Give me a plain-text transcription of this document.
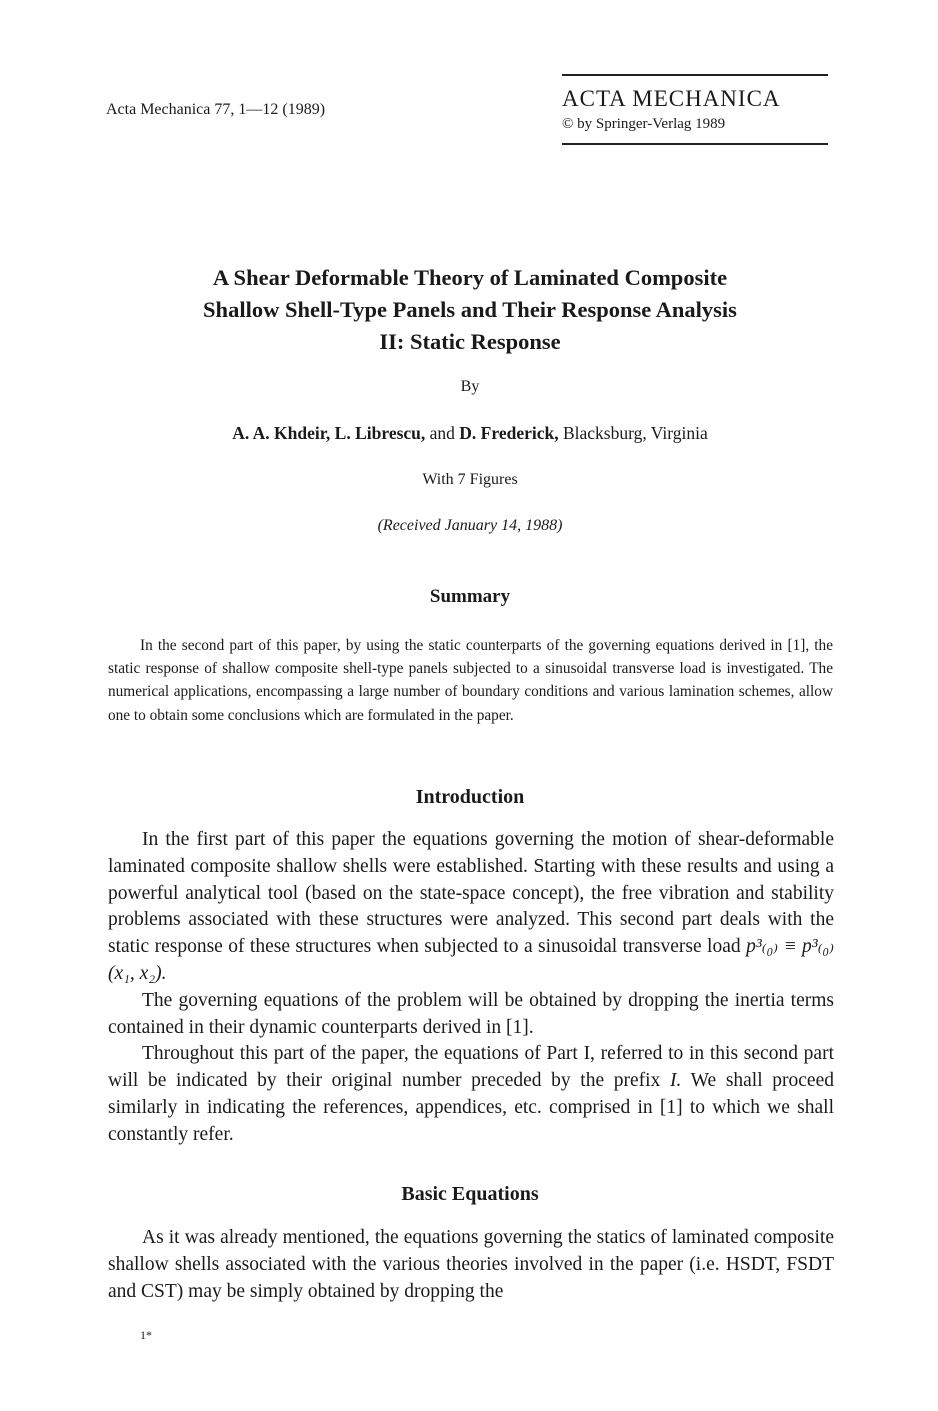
Acta Mechanica 77, 1—12 (1989)	ACTA MECHANICA
© by Springer-Verlag 1989
A Shear Deformable Theory of Laminated Composite
Shallow Shell-Type Panels and Their Response Analysis
II: Static Response
By
A. A. Khdeir, L. Librescu, and D. Frederick, Blacksburg, Virginia
With 7 Figures
(Received January 14, 1988)
Summary
In the second part of this paper, by using the static counterparts of the governing equations derived in [1], the static response of shallow composite shell-type panels subjected to a sinusoidal transverse load is investigated. The numerical applications, encompassing a large number of boundary conditions and various lamination schemes, allow one to obtain some conclusions which are formulated in the paper.
Introduction

In the first part of this paper the equations governing the motion of shear-deformable laminated composite shallow shells were established. Starting with these results and using a powerful analytical tool (based on the state-space concept), the free vibration and stability problems associated with these structures were analyzed. This second part deals with the static response of these structures when subjected to a sinusoidal transverse load p³₍₀₎ ≡ p³₍₀₎(x₁, x₂).

The governing equations of the problem will be obtained by dropping the inertia terms contained in their dynamic counterparts derived in [1].

Throughout this part of the paper, the equations of Part I, referred to in this second part will be indicated by their original number preceded by the prefix I. We shall proceed similarly in indicating the references, appendices, etc. comprised in [1] to which we shall constantly refer.

Basic Equations

As it was already mentioned, the equations governing the statics of laminated composite shallow shells associated with the various theories involved in the paper (i.e. HSDT, FSDT and CST) may be simply obtained by dropping the

1*
